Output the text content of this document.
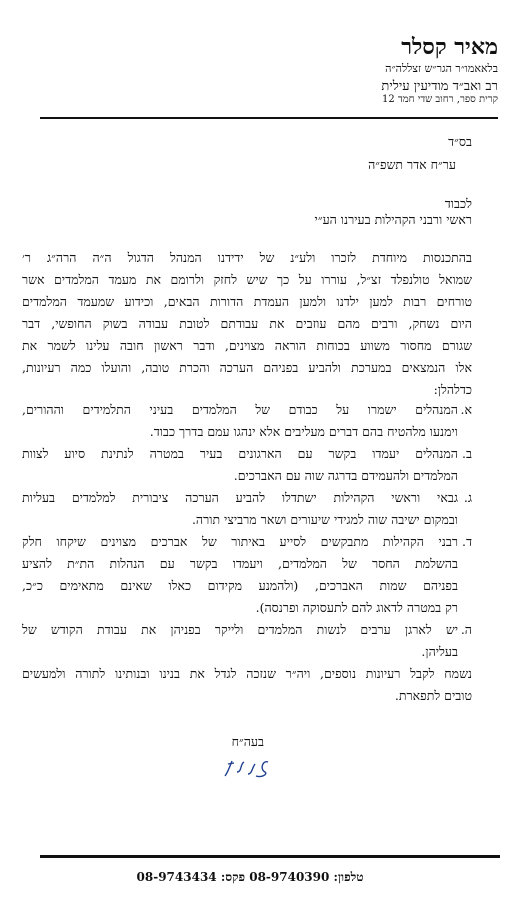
מאיר קסלר
בלאאמו״ר הגר״ש זצללה״ה
רב ואב״ד מודיעין עילית
קרית ספר, רחוב שדי חמד 12
בס״ד
ער״ח אדר תשפ״ה
לכבוד
ראשי ורבני הקהילות בעירנו הע״י
בהתכנסות מיוחדת לזכרו ולע״נ של ידידנו המנהל הדגול ה״ה הרה״ג ר׳
שמואל טולנפלד זצ״ל, עוררו על כך שיש לחזק ולרומם את מעמד המלמדים אשר
טורחים רבות למען ילדנו ולמען העמדת הדורות הבאים, וכידוע שמעמד המלמדים
היום נשחק, ורבים מהם עוזבים את עבודתם לטובת עבודה בשוק החופשי, דבר
שגורם מחסור משווע בכוחות הוראה מצוינים, ודבר ראשון חובה עלינו לשמר את
אלו הנמצאים במערכת ולהביע בפניהם הערכה והכרת טובה, והועלו כמה רעיונות,
כדלהלן:
א.
המנהלים ישמרו על כבודם של המלמדים בעיני התלמידים וההורים,
וימנעו מלהטיח בהם דברים מעליבים אלא ינהגו עמם בדרך כבוד.
ב.
המנהלים יעמדו בקשר עם הארגונים בעיר במטרה לנתינת סיוע לצוות
המלמדים ולהעמידם בדרגה שוה עם האברכים.
ג.
גבאי וראשי הקהילות ישתדלו להביע הערכה ציבורית למלמדים בעליות
ובמקום ישיבה שוה למגידי שיעורים ושאר מרביצי תורה.
ד.
רבני הקהילות מתבקשים לסייע באיתור של אברכים מצוינים שיקחו חלק
בהשלמת החסר של המלמדים, ויעמדו בקשר עם הנהלות הת״ת להציע
בפניהם שמות האברכים, (ולהמנע מקידום כאלו שאינם מתאימים כ״כ,
רק במטרה לדאוג להם לתעסוקה ופרנסה).
ה.
יש לארגן ערבים לנשות המלמדים ולייקר בפניהן את עבודת הקודש של
בעליהן.
נשמח לקבל רעיונות נוספים, ויה״ר שנזכה לגדל את בנינו ובנותינו לתורה ולמעשים
טובים לתפארת.
בעה״ח
טלפון: 08-9740390 פקס: 08-9743434
